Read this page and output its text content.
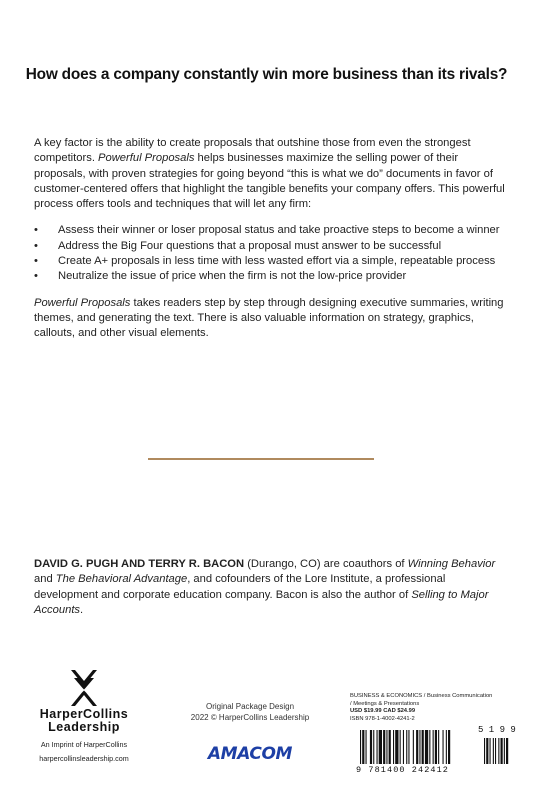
How does a company constantly win more business than its rivals?

A key factor is the ability to create proposals that outshine those from even the strongest competitors. Powerful Proposals helps businesses maximize the selling power of their proposals, with proven strategies for going beyond “this is what we do” documents in favor of customer-centered offers that highlight the tangible benefits your company offers. This powerful process offers tools and techniques that will let any firm:

• Assess their winner or loser proposal status and take proactive steps to become a winner
• Address the Big Four questions that a proposal must answer to be successful
• Create A+ proposals in less time with less wasted effort via a simple, repeatable process
• Neutralize the issue of price when the firm is not the low-price provider

Powerful Proposals takes readers step by step through designing executive summaries, writing themes, and generating the text. There is also valuable information on strategy, graphics, callouts, and other visual elements.

DAVID G. PUGH AND TERRY R. BACON (Durango, CO) are coauthors of Winning Behavior and The Behavioral Advantage, and cofounders of the Lore Institute, a professional development and corporate education company. Bacon is also the author of Selling to Major Accounts.
HarperCollins
Leadership
An Imprint of HarperCollins
harpercollinsleadership.com
Original Package Design
2022 © HarperCollins Leadership
AMACOM
BUSINESS & ECONOMICS / Business Communication
/ Meetings & Presentations
USD $19.99 CAD $24.99
ISBN 978-1-4002-4241-2
5 1 9 9
9 781400 242412
